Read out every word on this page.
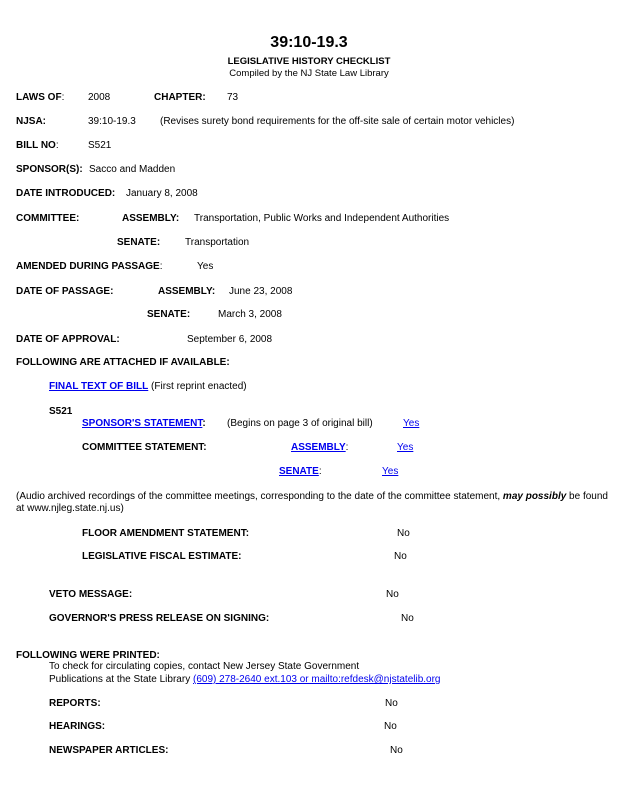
39:10-19.3
LEGISLATIVE HISTORY CHECKLIST
Compiled by the NJ State Law Library
LAWS OF: 2008	CHAPTER: 73
NJSA:	39:10-19.3 (Revises surety bond requirements for the off-site sale of certain motor vehicles)
BILL NO:	S521
SPONSOR(S): Sacco and Madden
DATE INTRODUCED: January 8, 2008
COMMITTEE:	ASSEMBLY: Transportation, Public Works and Independent Authorities
SENATE: Transportation
AMENDED DURING PASSAGE:	Yes
DATE OF PASSAGE:	ASSEMBLY: June 23, 2008
SENATE:	March 3, 2008
DATE OF APPROVAL:	September 6, 2008
FOLLOWING ARE ATTACHED IF AVAILABLE:
FINAL TEXT OF BILL (First reprint enacted)
S521
SPONSOR'S STATEMENT: (Begins on page 3 of original bill)	Yes
COMMITTEE STATEMENT:	ASSEMBLY:	Yes
SENATE:	Yes
(Audio archived recordings of the committee meetings, corresponding to the date of the committee statement, may possibly be found
at www.njleg.state.nj.us)
FLOOR AMENDMENT STATEMENT:	No
LEGISLATIVE FISCAL ESTIMATE:	No
VETO MESSAGE:	No
GOVERNOR'S PRESS RELEASE ON SIGNING:	No
FOLLOWING WERE PRINTED:
To check for circulating copies, contact New Jersey State Government
Publications at the State Library (609) 278-2640 ext.103 or mailto:refdesk@njstatelib.org
REPORTS:	No
HEARINGS:	No
NEWSPAPER ARTICLES:	No
